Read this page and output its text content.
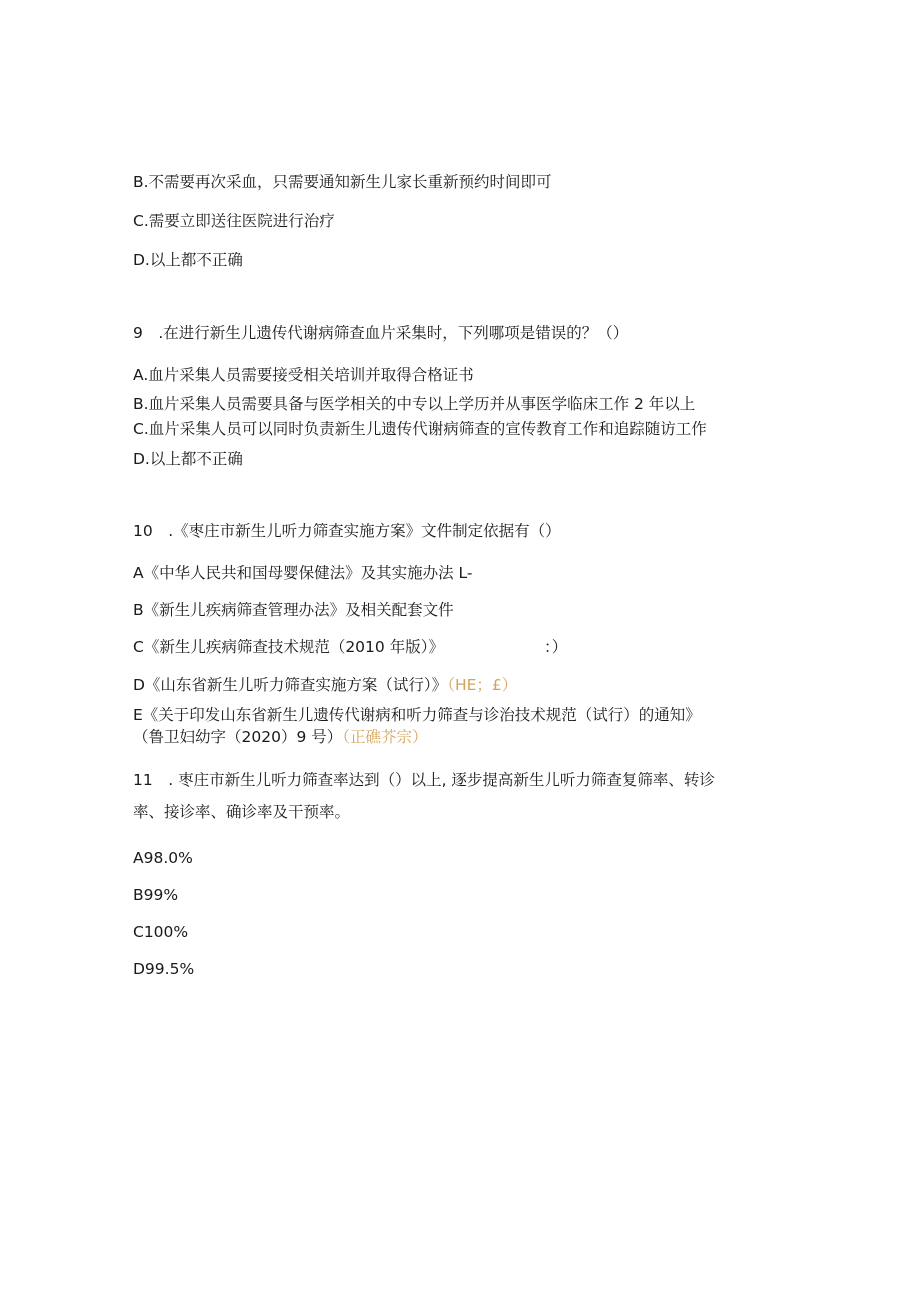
B.不需要再次采血，只需要通知新生儿家长重新预约时间即可
C.需要立即送往医院进行治疗
D.以上都不正确
9　.在进行新生儿遗传代谢病筛查血片采集时，下列哪项是错误的？（）
A.血片采集人员需要接受相关培训并取得合格证书
B.血片采集人员需要具备与医学相关的中专以上学历并从事医学临床工作 2 年以上
C.血片采集人员可以同时负责新生儿遗传代谢病筛查的宣传教育工作和追踪随访工作
D.以上都不正确
10　.《枣庄市新生儿听力筛查实施方案》文件制定依据有（）
A《中华人民共和国母婴保健法》及其实施办法 L-
B《新生儿疾病筛查管理办法》及相关配套文件
C《新生儿疾病筛查技术规范（2010 年版）》	：）
D《山东省新生儿听力筛查实施方案（试行）》（HE；£）
E《关于印发山东省新生儿遗传代谢病和听力筛查与诊治技术规范（试行）的通知》
（鲁卫妇幼字（2020）9 号）（正礁芥宗）
11　. 枣庄市新生儿听力筛查率达到（）以上, 逐步提高新生儿听力筛查复筛率、转诊
率、接诊率、确诊率及干预率。
A98.0%
B99%
C100%
D99.5%
